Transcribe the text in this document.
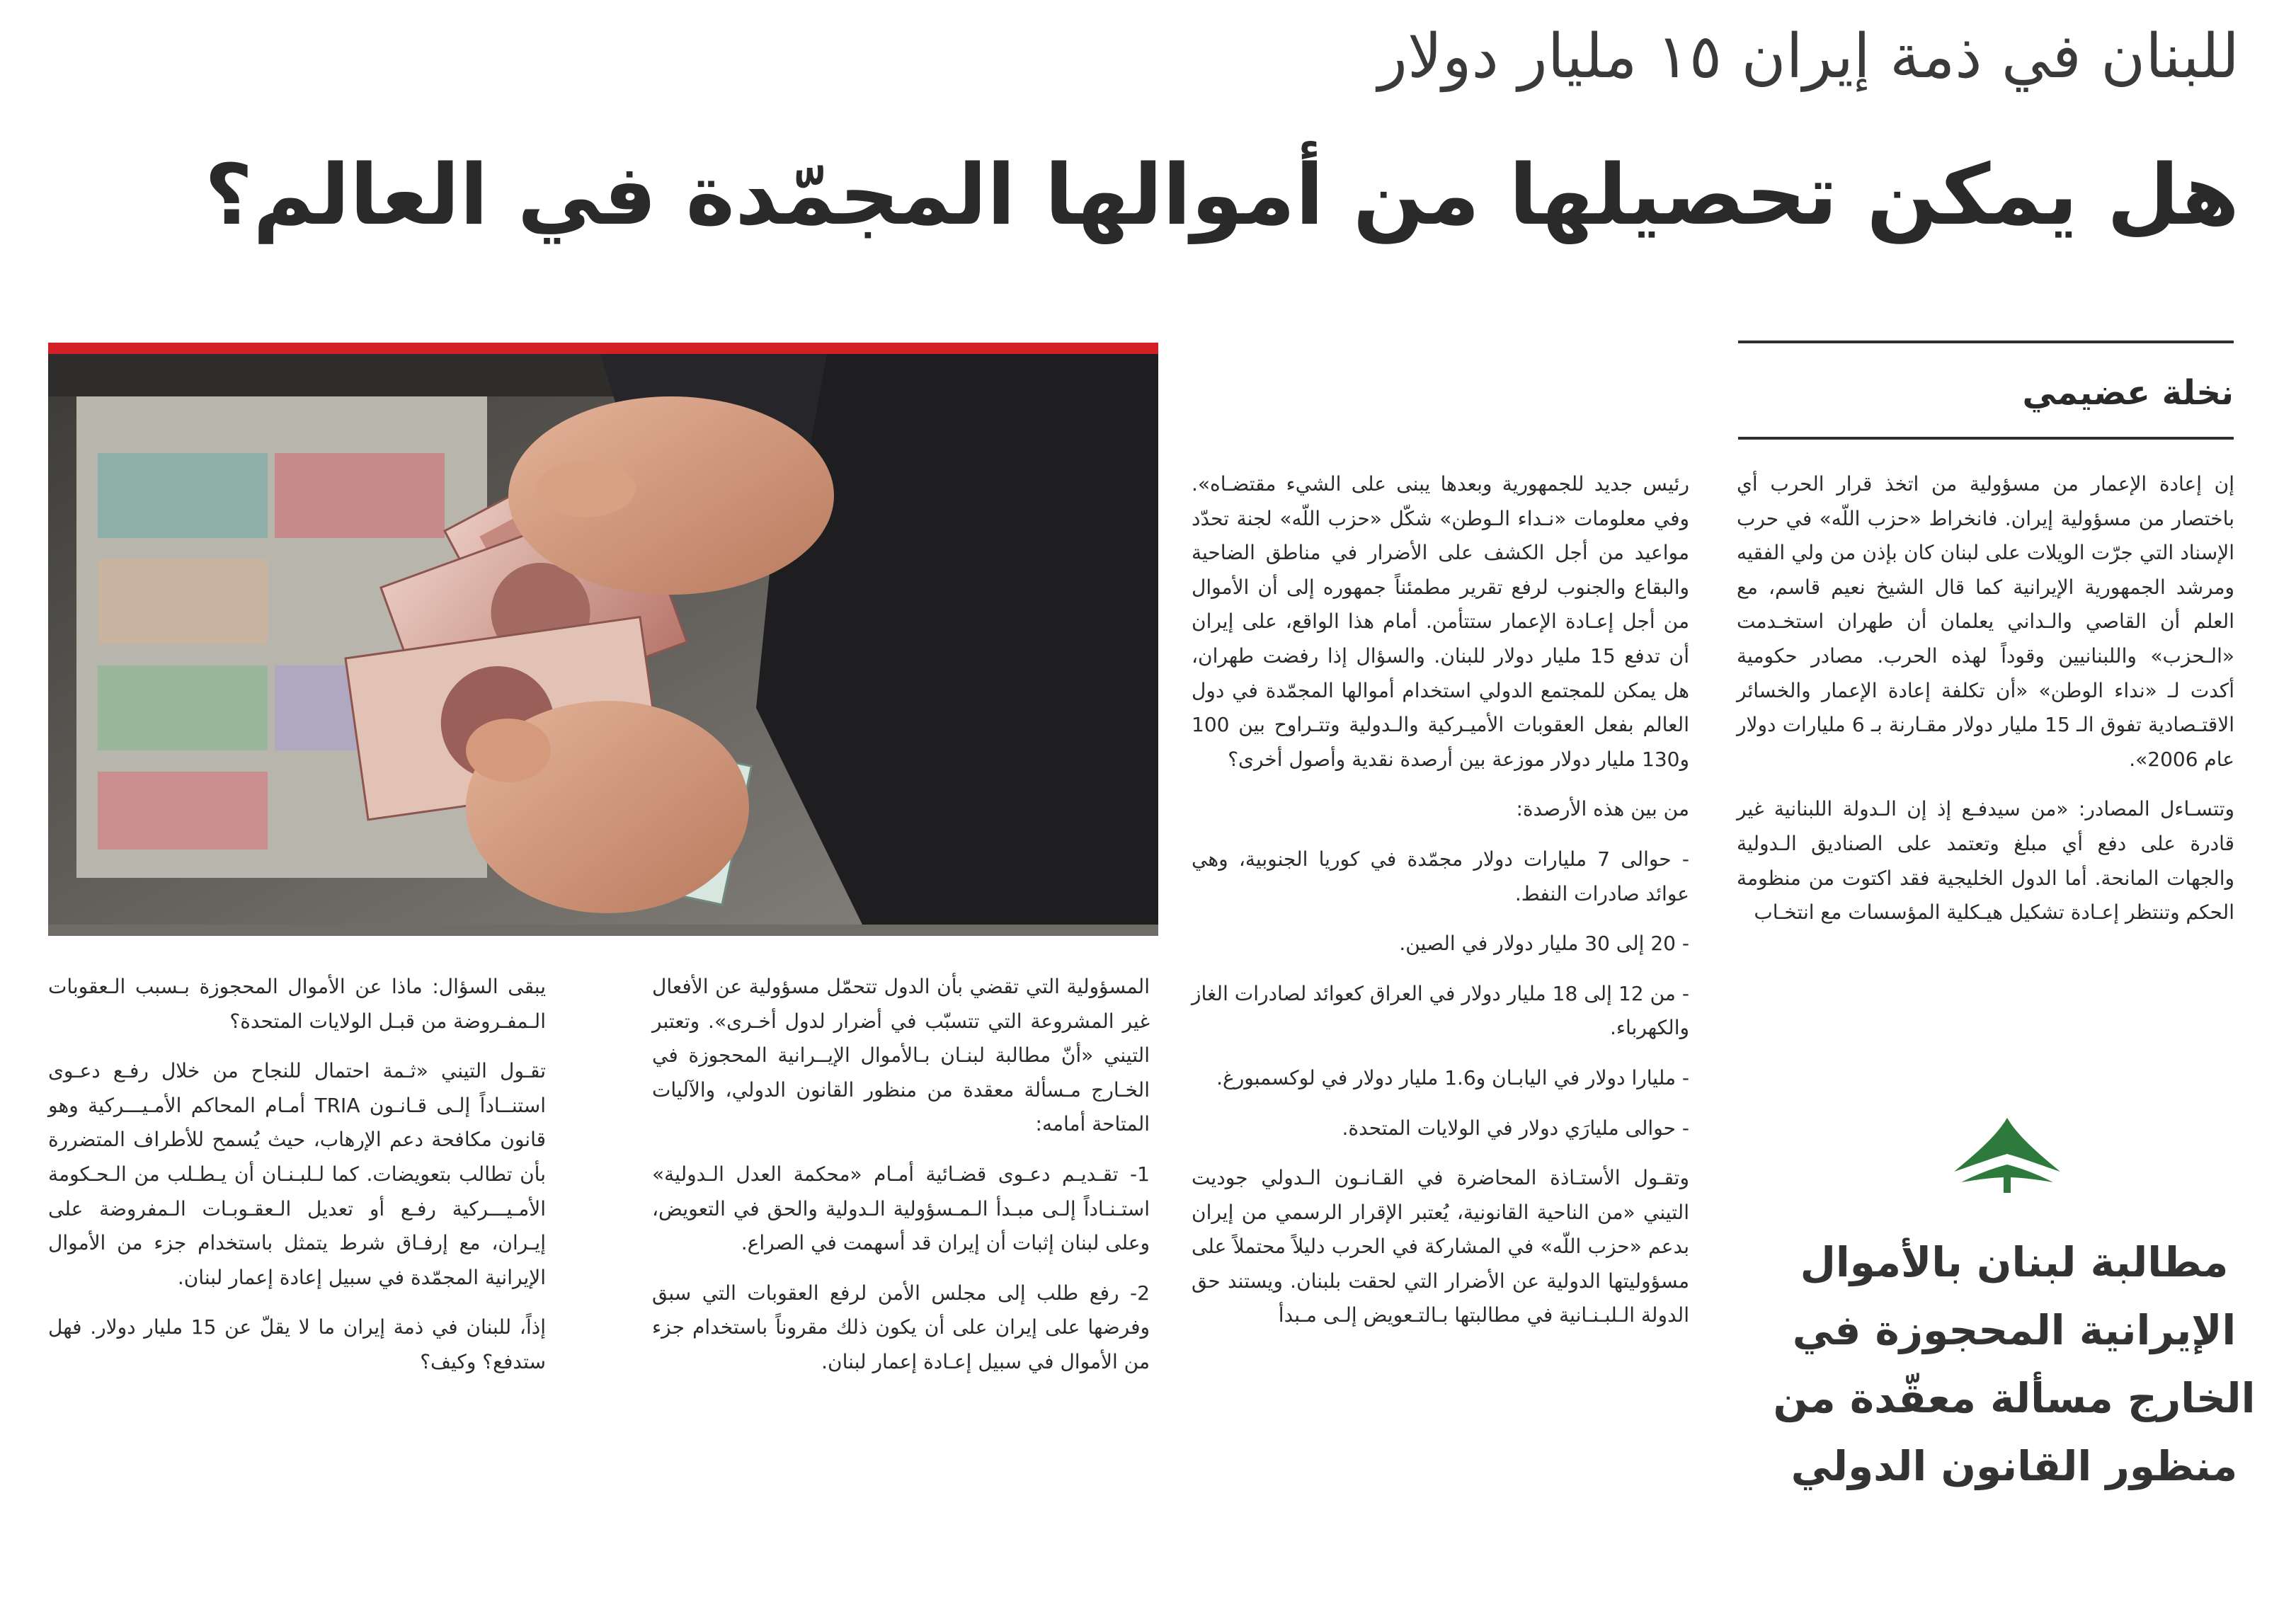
للبنان في ذمة إيران ١٥ مليار دولار
هل يمكن تحصيلها من أموالها المجمّدة في العالم؟
نخلة عضيمي

إن إعادة الإعمار من مسؤولية من اتخذ قرار الحرب أي باختصار من مسؤولية إيران. فانخراط «حزب اللّه» في حرب الإسناد التي جرّت الويلات على لبنان كان بإذن من ولي الفقيه ومرشد الجمهورية الإيرانية كما قال الشيخ نعيم قاسم، مع العلم أن القاصي والـداني يعلمان أن طهران استخـدمت «الـحزب» واللبنانيين وقوداً لهذه الحرب. مصادر حكومية أكدت لـ «نداء الوطن» «أن تكلفة إعادة الإعمار والخسائر الاقتـصادية تفوق الـ 15 مليار دولار مقـارنة بـ 6 مليارات دولار عام 2006».

وتتسـاءل المصادر: «من سيدفـع إذ إن الـدولة اللبنانية غير قادرة على دفع أي مبلغ وتعتمد على الصناديق الـدولية والجهات المانحة. أما الدول الخليجية فقد اكتوت من منظومة الحكم وتنتظر إعـادة تشكيل هيـكلية المؤسسات مع انتخـاب

مطالبة لبنان بالأموال الإيرانية المحجوزة في الخارج مسألة معقّدة من منظور القانون الدولي

رئيس جديد للجمهورية وبعدها يبنى على الشيء مقتضـاه». وفي معلومات «نـداء الـوطن» شكّل «حزب اللّه» لجنة تحدّد مواعيد من أجل الكشف على الأضرار في مناطق الضاحية والبقاع والجنوب لرفع تقرير مطمئناً جمهوره إلى أن الأموال من أجل إعـادة الإعمار ستتأمن. أمام هذا الواقع، على إيران أن تدفع 15 مليار دولار للبنان. والسؤال إذا رفضت طهران، هل يمكن للمجتمع الدولي استخدام أموالها المجمّدة في دول العالم بفعل العقوبات الأميـركية والـدولية وتتـراوح بين 100 و130 مليار دولار موزعة بين أرصدة نقدية وأصول أخرى؟

من بين هذه الأرصدة:

- حوالى 7 مليارات دولار مجمّدة في كوريا الجنوبية، وهي عوائد صادرات النفط.

- 20 إلى 30 مليار دولار في الصين.

- من 12 إلى 18 مليار دولار في العراق كعوائد لصادرات الغاز والكهرباء.

- مليارا دولار في اليابـان و1.6 مليار دولار في لوكسمبورغ.

- حوالى مليارَي دولار في الولايات المتحدة.

وتقـول الأستـاذة المحاضرة في القـانـون الـدولي جوديت التيني «من الناحية القانونية، يُعتبر الإقرار الرسمي من إيران بدعم «حزب اللّه» في المشاركة في الحرب دليلاً محتملاً على مسؤوليتها الدولية عن الأضرار التي لحقت بلبنان. ويستند حق الدولة الـلبـنـانية في مطالبتها بـالتـعويض إلـى مـبدأ

المسؤولية التي تقضي بأن الدول تتحمّل مسؤولية عن الأفعال غير المشروعة التي تتسبّب في أضرار لدول أخـرى». وتعتبر التيني «أنّ مطالبة لبنـان بـالأموال الإيــرانية المحجوزة في الخـارج مـسألة معقدة من منظور القانون الدولي، والآليات المتاحة أمامه:

1- تقـديـم دعـوى قضـائية أمـام «محكمة العدل الـدولية» استـنـاداً إلـى مبـدأ الـمـسؤولية الـدولية والحق في التعويض، وعلى لبنان إثبات أن إيران قد أسهمت في الصراع.

2- رفع طلب إلى مجلس الأمن لرفع العقوبات التي سبق وفرضها على إيران على أن يكون ذلك مقروناً باستخدام جزء من الأموال في سبيل إعـادة إعمار لبنان.

يبقى السؤال: ماذا عن الأموال المحجوزة بـسبب الـعقوبات الـمفـروضة من قبـل الولايات المتحدة؟

تقـول التيني «ثـمة احتمال للنجاح من خلال رفـع دعـوى استنــاداً إلـى قـانـون TRIA أمـام المحاكم الأمـيـــركية وهو قانون مكافحة دعم الإرهاب، حيث يُسمح للأطراف المتضررة بأن تطالب بتعويضات. كما لـلبـنـان أن يـطـلب من الـحـكومة الأمـيـــركية رفـع أو تعديل الـعقـوبـات الـمفروضة على إيـران، مع إرفـاق شرط يتمثل باستخدام جزء من الأموال الإيرانية المجمّدة في سبيل إعادة إعمار لبنان.

إذاً، للبنان في ذمة إيران ما لا يقلّ عن 15 مليار دولار. فهل ستدفع؟ وكيف؟
